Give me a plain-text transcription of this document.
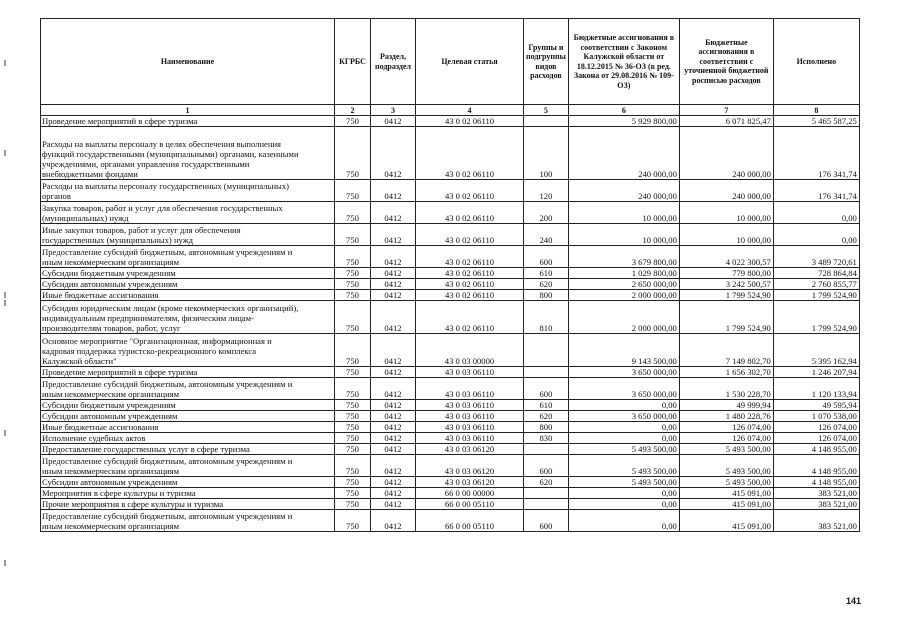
Наименование	КГРБС	Раздел, подраздел	Целевая статья	Группы и подгруппы видов расходов	Бюджетные ассигнования в соответствии с Законом Калужской области от 18.12.2015 № 36-ОЗ (в ред. Закона от 29.08.2016 № 109-ОЗ)	Бюджетные ассигнования в соответствии с уточненной бюджетной росписью расходов	Исполнено
1	2	3	4	5	6	7	8
Проведение мероприятий в сфере туризма	750	0412	43 0 02 06110		5 929 800,00	6 071 825,47	5 465 587,25
Расходы на выплаты персоналу в целях обеспечения выполнения
функций государственными (муниципальными) органами, казенными
учреждениями, органами управления государственными
внебюджетными фондами	750	0412	43 0 02 06110	100	240 000,00	240 000,00	176 341,74
Расходы на выплаты персоналу государственных (муниципальных)
органов	750	0412	43 0 02 06110	120	240 000,00	240 000,00	176 341,74
Закупка товаров, работ и услуг для обеспечения государственных
(муниципальных) нужд	750	0412	43 0 02 06110	200	10 000,00	10 000,00	0,00
Иные закупки товаров, работ и услуг для обеспечения
государственных (муниципальных) нужд	750	0412	43 0 02 06110	240	10 000,00	10 000,00	0,00
Предоставление субсидий бюджетным, автономным учреждениям и
иным некоммерческим организациям	750	0412	43 0 02 06110	600	3 679 800,00	4 022 300,57	3 489 720,61
Субсидии бюджетным учреждениям	750	0412	43 0 02 06110	610	1 029 800,00	779 800,00	728 864,84
Субсидии автономным учреждениям	750	0412	43 0 02 06110	620	2 650 000,00	3 242 500,57	2 760 855,77
Иные бюджетные ассигнования	750	0412	43 0 02 06110	800	2 000 000,00	1 799 524,90	1 799 524,90
Субсидии юридическим лицам (кроме некоммерческих организаций),
индивидуальным предпринимателям, физическим лицам-
производителям товаров, работ, услуг	750	0412	43 0 02 06110	810	2 000 000,00	1 799 524,90	1 799 524,90
Основное мероприятие "Организационная, информационная и
кадровая поддержка туристско-рекреационного комплекса
Калужской области"	750	0412	43 0 03 00000		9 143 500,00	7 149 802,70	5 395 162,94
Проведение мероприятий в сфере туризма	750	0412	43 0 03 06110		3 650 000,00	1 656 302,70	1 246 207,94
Предоставление субсидий бюджетным, автономным учреждениям и
иным некоммерческим организациям	750	0412	43 0 03 06110	600	3 650 000,00	1 530 228,70	1 120 133,94
Субсидии бюджетным учреждениям	750	0412	43 0 03 06110	610	0,00	49 999,94	49 595,94
Субсидии автономным учреждениям	750	0412	43 0 03 06110	620	3 650 000,00	1 480 228,76	1 070 538,00
Иные бюджетные ассигнования	750	0412	43 0 03 06110	800	0,00	126 074,00	126 074,00
Исполнение судебных актов	750	0412	43 0 03 06110	830	0,00	126 074,00	126 074,00
Предоставление государственных услуг в сфере туризма	750	0412	43 0 03 06120		5 493 500,00	5 493 500,00	4 148 955,00
Предоставление субсидий бюджетным, автономным учреждениям и
иным некоммерческим организациям	750	0412	43 0 03 06120	600	5 493 500,00	5 493 500,00	4 148 955,00
Субсидии автономным учреждениям	750	0412	43 0 03 06120	620	5 493 500,00	5 493 500,00	4 148 955,00
Мероприятия в сфере культуры и туризма	750	0412	66 0 00 00000		0,00	415 091,00	383 521,00
Прочие мероприятия в сфере культуры и туризма	750	0412	66 0 00 05110		0,00	415 091,00	383 521,00
Предоставление субсидий бюджетным, автономным учреждениям и
иным некоммерческим организациям	750	0412	66 0 00 05110	600	0,00	415 091,00	383 521,00
141
